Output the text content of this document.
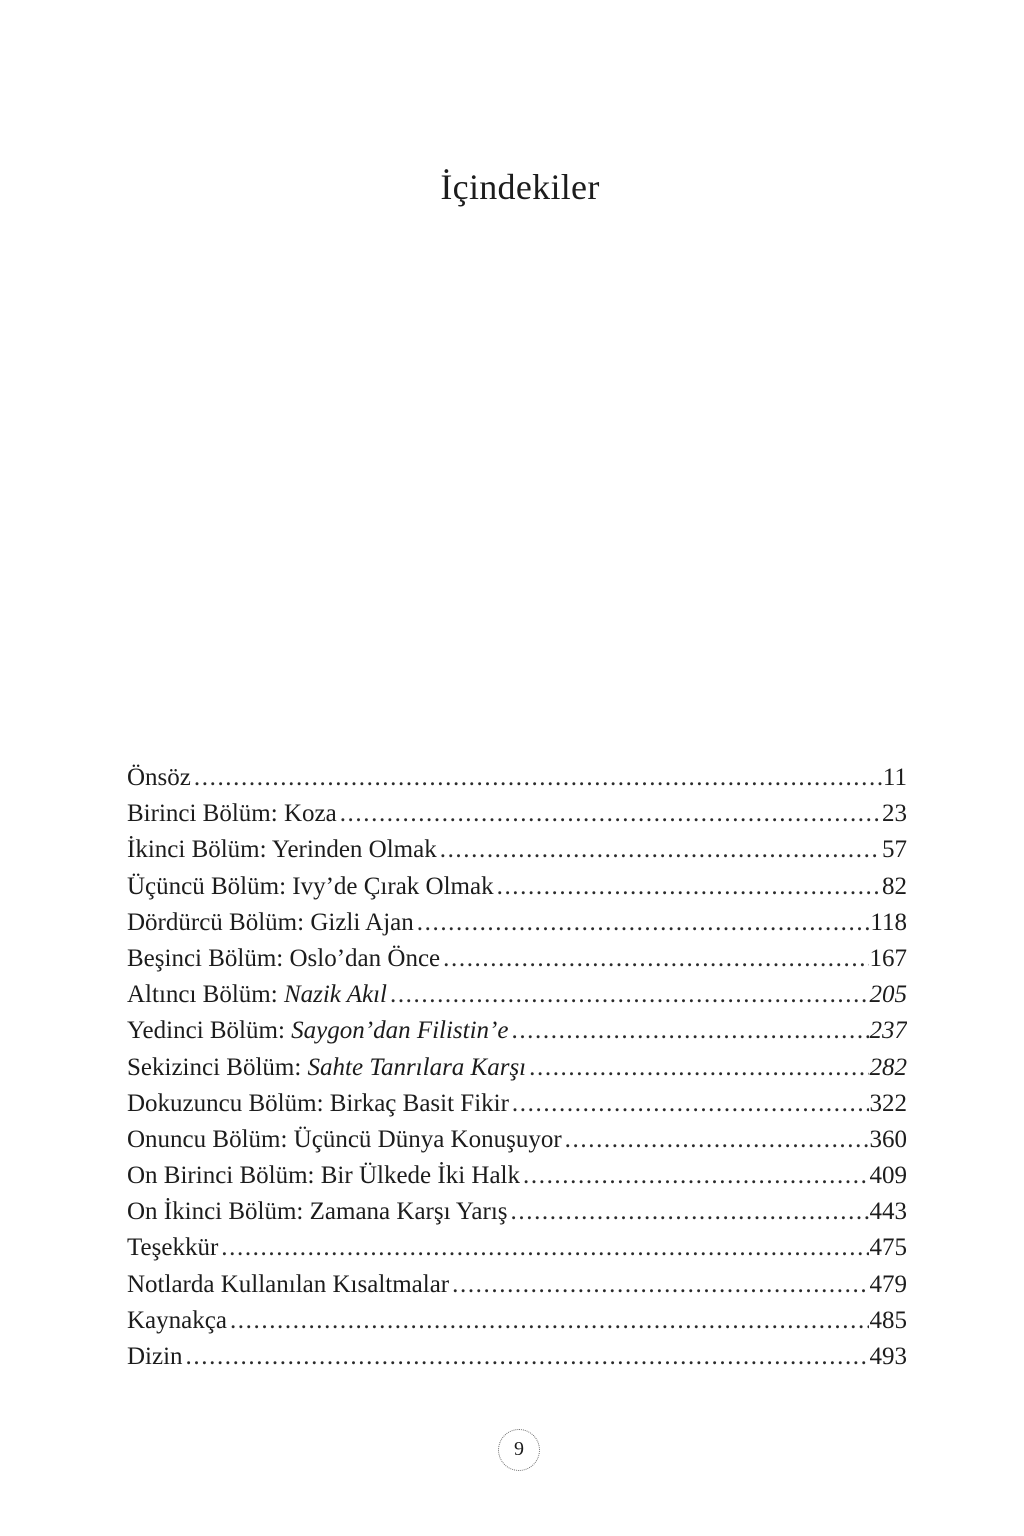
İçindekiler
Önsöz .....	11
Birinci Bölüm: Koza .....	23
İkinci Bölüm: Yerinden Olmak .....	57
Üçüncü Bölüm: Ivy’de Çırak Olmak .....	82
Dördürcü Bölüm: Gizli Ajan .....	118
Beşinci Bölüm: Oslo’dan Önce .....	167
Altıncı Bölüm: Nazik Akıl .....	205
Yedinci Bölüm: Saygon’dan Filistin’e .....	237
Sekizinci Bölüm: Sahte Tanrılara Karşı .....	282
Dokuzuncu Bölüm: Birkaç Basit Fikir .....	322
Onuncu Bölüm: Üçüncü Dünya Konuşuyor .....	360
On Birinci Bölüm: Bir Ülkede İki Halk .....	409
On İkinci Bölüm: Zamana Karşı Yarış .....	443
Teşekkür .....	475
Notlarda Kullanılan Kısaltmalar .....	479
Kaynakça .....	485
Dizin .....	493
9
